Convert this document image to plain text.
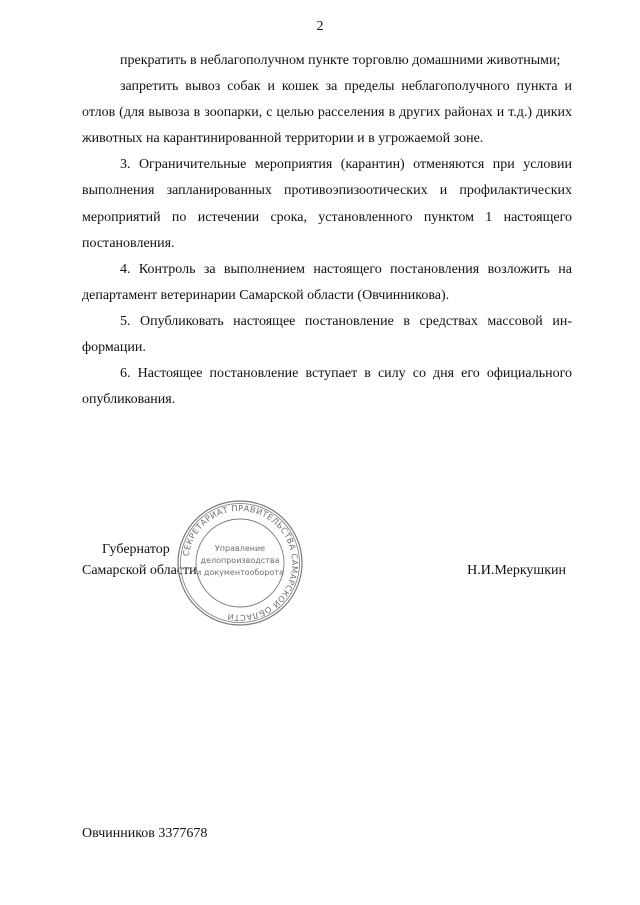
2

прекратить в неблагополучном пункте торговлю домашними животными;

запретить вывоз собак и кошек за пределы неблагополучного пункта и отлов (для вывоза в зоопарки, с целью расселения в других районах и т.д.) диких животных на карантинированной территории и в угрожаемой зоне.

3. Ограничительные мероприятия (карантин) отменяются при условии выполнения запланированных противоэпизоотических и профилактических мероприятий по истечении срока, установленного пунктом 1 настоящего постановления.

4. Контроль за выполнением настоящего постановления возложить на департамент ветеринарии Самарской области (Овчинникова).

5. Опубликовать настоящее постановление в средствах массовой информации.

6. Настоящее постановление вступает в силу со дня его официального опубликования.

Губернатор
Самарской области	Н.И.Меркушкин
СЕКРЕТАРИАТ ПРАВИТЕЛЬСТВА САМАРСКОЙ ОБЛАСТИ
Управление
делопроизводства
и документооборота
Овчинников 3377678
